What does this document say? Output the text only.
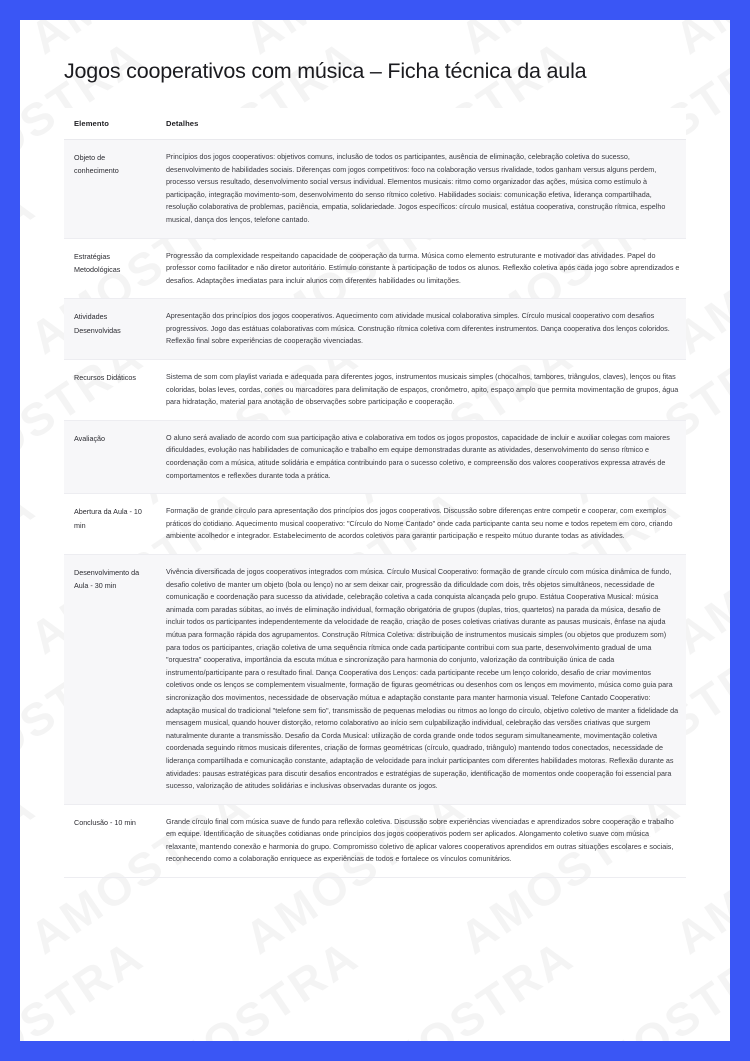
Jogos cooperativos com música – Ficha técnica da aula
Elemento	Detalhes
Objeto de conhecimento	Princípios dos jogos cooperativos: objetivos comuns, inclusão de todos os participantes, ausência de eliminação, celebração coletiva do sucesso, desenvolvimento de habilidades sociais. Diferenças com jogos competitivos: foco na colaboração versus rivalidade, todos ganham versus alguns perdem, processo versus resultado, desenvolvimento social versus individual. Elementos musicais: ritmo como organizador das ações, música como estímulo à participação, integração movimento-som, desenvolvimento do senso rítmico coletivo. Habilidades sociais: comunicação efetiva, liderança compartilhada, resolução colaborativa de problemas, paciência, empatia, solidariedade. Jogos específicos: círculo musical, estátua cooperativa, construção rítmica, espelho musical, dança dos lenços, telefone cantado.
Estratégias Metodológicas	Progressão da complexidade respeitando capacidade de cooperação da turma. Música como elemento estruturante e motivador das atividades. Papel do professor como facilitador e não diretor autoritário. Estímulo constante à participação de todos os alunos. Reflexão coletiva após cada jogo sobre aprendizados e desafios. Adaptações imediatas para incluir alunos com diferentes habilidades ou limitações.
Atividades Desenvolvidas	Apresentação dos princípios dos jogos cooperativos. Aquecimento com atividade musical colaborativa simples. Círculo musical cooperativo com desafios progressivos. Jogo das estátuas colaborativas com música. Construção rítmica coletiva com diferentes instrumentos. Dança cooperativa dos lenços coloridos. Reflexão final sobre experiências de cooperação vivenciadas.
Recursos Didáticos	Sistema de som com playlist variada e adequada para diferentes jogos, instrumentos musicais simples (chocalhos, tambores, triângulos, claves), lenços ou fitas coloridas, bolas leves, cordas, cones ou marcadores para delimitação de espaços, cronômetro, apito, espaço amplo que permita movimentação de grupos, água para hidratação, material para anotação de observações sobre participação e cooperação.
Avaliação	O aluno será avaliado de acordo com sua participação ativa e colaborativa em todos os jogos propostos, capacidade de incluir e auxiliar colegas com maiores dificuldades, evolução nas habilidades de comunicação e trabalho em equipe demonstradas durante as atividades, desenvolvimento do senso rítmico e coordenação com a música, atitude solidária e empática contribuindo para o sucesso coletivo, e compreensão dos valores cooperativos expressa através de comportamentos e reflexões durante toda a prática.
Abertura da Aula - 10 min	Formação de grande círculo para apresentação dos princípios dos jogos cooperativos. Discussão sobre diferenças entre competir e cooperar, com exemplos práticos do cotidiano. Aquecimento musical cooperativo: "Círculo do Nome Cantado" onde cada participante canta seu nome e todos repetem em coro, criando ambiente acolhedor e integrador. Estabelecimento de acordos coletivos para garantir participação e respeito mútuo durante todas as atividades.
Desenvolvimento da Aula - 30 min	Vivência diversificada de jogos cooperativos integrados com música. Círculo Musical Cooperativo: formação de grande círculo com música dinâmica de fundo, desafio coletivo de manter um objeto (bola ou lenço) no ar sem deixar cair, progressão da dificuldade com dois, três objetos simultâneos, necessidade de comunicação e coordenação para sucesso da atividade, celebração coletiva a cada conquista alcançada pelo grupo. Estátua Cooperativa Musical: música animada com paradas súbitas, ao invés de eliminação individual, formação obrigatória de grupos (duplas, trios, quartetos) na parada da música, desafio de incluir todos os participantes independentemente da velocidade de reação, criação de poses coletivas criativas durante as pausas musicais, ênfase na ajuda mútua para formação rápida dos agrupamentos. Construção Rítmica Coletiva: distribuição de instrumentos musicais simples (ou objetos que produzem som) para todos os participantes, criação coletiva de uma sequência rítmica onde cada participante contribui com sua parte, desenvolvimento gradual de uma "orquestra" cooperativa, importância da escuta mútua e sincronização para harmonia do conjunto, valorização da contribuição única de cada instrumento/participante para o resultado final. Dança Cooperativa dos Lenços: cada participante recebe um lenço colorido, desafio de criar movimentos coletivos onde os lenços se complementem visualmente, formação de figuras geométricas ou desenhos com os lenços em movimento, música como guia para sincronização dos movimentos, necessidade de observação mútua e adaptação constante para manter harmonia visual. Telefone Cantado Cooperativo: adaptação musical do tradicional "telefone sem fio", transmissão de pequenas melodias ou ritmos ao longo do círculo, objetivo coletivo de manter a fidelidade da mensagem musical, quando houver distorção, retorno colaborativo ao início sem culpabilização individual, celebração das versões criativas que surgem naturalmente durante a transmissão. Desafio da Corda Musical: utilização de corda grande onde todos seguram simultaneamente, movimentação coletiva coordenada seguindo ritmos musicais diferentes, criação de formas geométricas (círculo, quadrado, triângulo) mantendo todos conectados, necessidade de liderança compartilhada e comunicação constante, adaptação de velocidade para incluir participantes com diferentes habilidades motoras. Reflexão durante as atividades: pausas estratégicas para discutir desafios encontrados e estratégias de superação, identificação de momentos onde cooperação foi essencial para sucesso, valorização de atitudes solidárias e inclusivas observadas durante os jogos.
Conclusão - 10 min	Grande círculo final com música suave de fundo para reflexão coletiva. Discussão sobre experiências vivenciadas e aprendizados sobre cooperação e trabalho em equipe. Identificação de situações cotidianas onde princípios dos jogos cooperativos podem ser aplicados. Alongamento coletivo suave com música relaxante, mantendo conexão e harmonia do grupo. Compromisso coletivo de aplicar valores cooperativos aprendidos em outras situações escolares e sociais, reconhecendo como a colaboração enriquece as experiências de todos e fortalece os vínculos comunitários.
